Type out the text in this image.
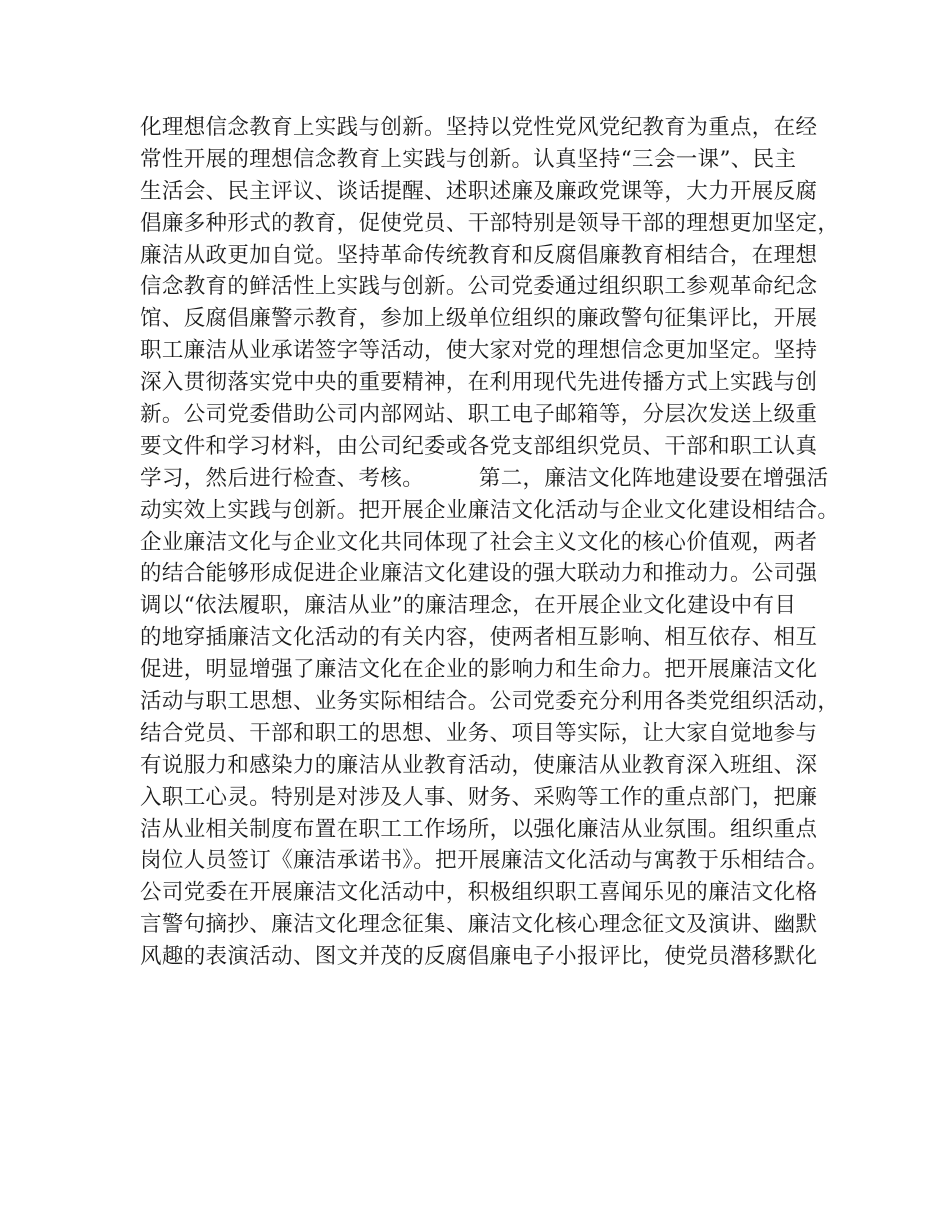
化理想信念教育上实践与创新。坚持以党性党风党纪教育为重点，在经
常性开展的理想信念教育上实践与创新。认真坚持“三会一课”、民主
生活会、民主评议、谈话提醒、述职述廉及廉政党课等，大力开展反腐
倡廉多种形式的教育，促使党员、干部特别是领导干部的理想更加坚定，
廉洁从政更加自觉。坚持革命传统教育和反腐倡廉教育相结合，在理想
信念教育的鲜活性上实践与创新。公司党委通过组织职工参观革命纪念
馆、反腐倡廉警示教育，参加上级单位组织的廉政警句征集评比，开展
职工廉洁从业承诺签字等活动，使大家对党的理想信念更加坚定。坚持
深入贯彻落实党中央的重要精神，在利用现代先进传播方式上实践与创
新。公司党委借助公司内部网站、职工电子邮箱等，分层次发送上级重
要文件和学习材料，由公司纪委或各党支部组织党员、干部和职工认真
学习，然后进行检查、考核。　　　第二，廉洁文化阵地建设要在增强活
动实效上实践与创新。把开展企业廉洁文化活动与企业文化建设相结合。
企业廉洁文化与企业文化共同体现了社会主义文化的核心价值观，两者
的结合能够形成促进企业廉洁文化建设的强大联动力和推动力。公司强
调以“依法履职，廉洁从业”的廉洁理念，在开展企业文化建设中有目
的地穿插廉洁文化活动的有关内容，使两者相互影响、相互依存、相互
促进，明显增强了廉洁文化在企业的影响力和生命力。把开展廉洁文化
活动与职工思想、业务实际相结合。公司党委充分利用各类党组织活动，
结合党员、干部和职工的思想、业务、项目等实际，让大家自觉地参与
有说服力和感染力的廉洁从业教育活动，使廉洁从业教育深入班组、深
入职工心灵。特别是对涉及人事、财务、采购等工作的重点部门，把廉
洁从业相关制度布置在职工工作场所，以强化廉洁从业氛围。组织重点
岗位人员签订《廉洁承诺书》。把开展廉洁文化活动与寓教于乐相结合。
公司党委在开展廉洁文化活动中，积极组织职工喜闻乐见的廉洁文化格
言警句摘抄、廉洁文化理念征集、廉洁文化核心理念征文及演讲、幽默
风趣的表演活动、图文并茂的反腐倡廉电子小报评比，使党员潜移默化
